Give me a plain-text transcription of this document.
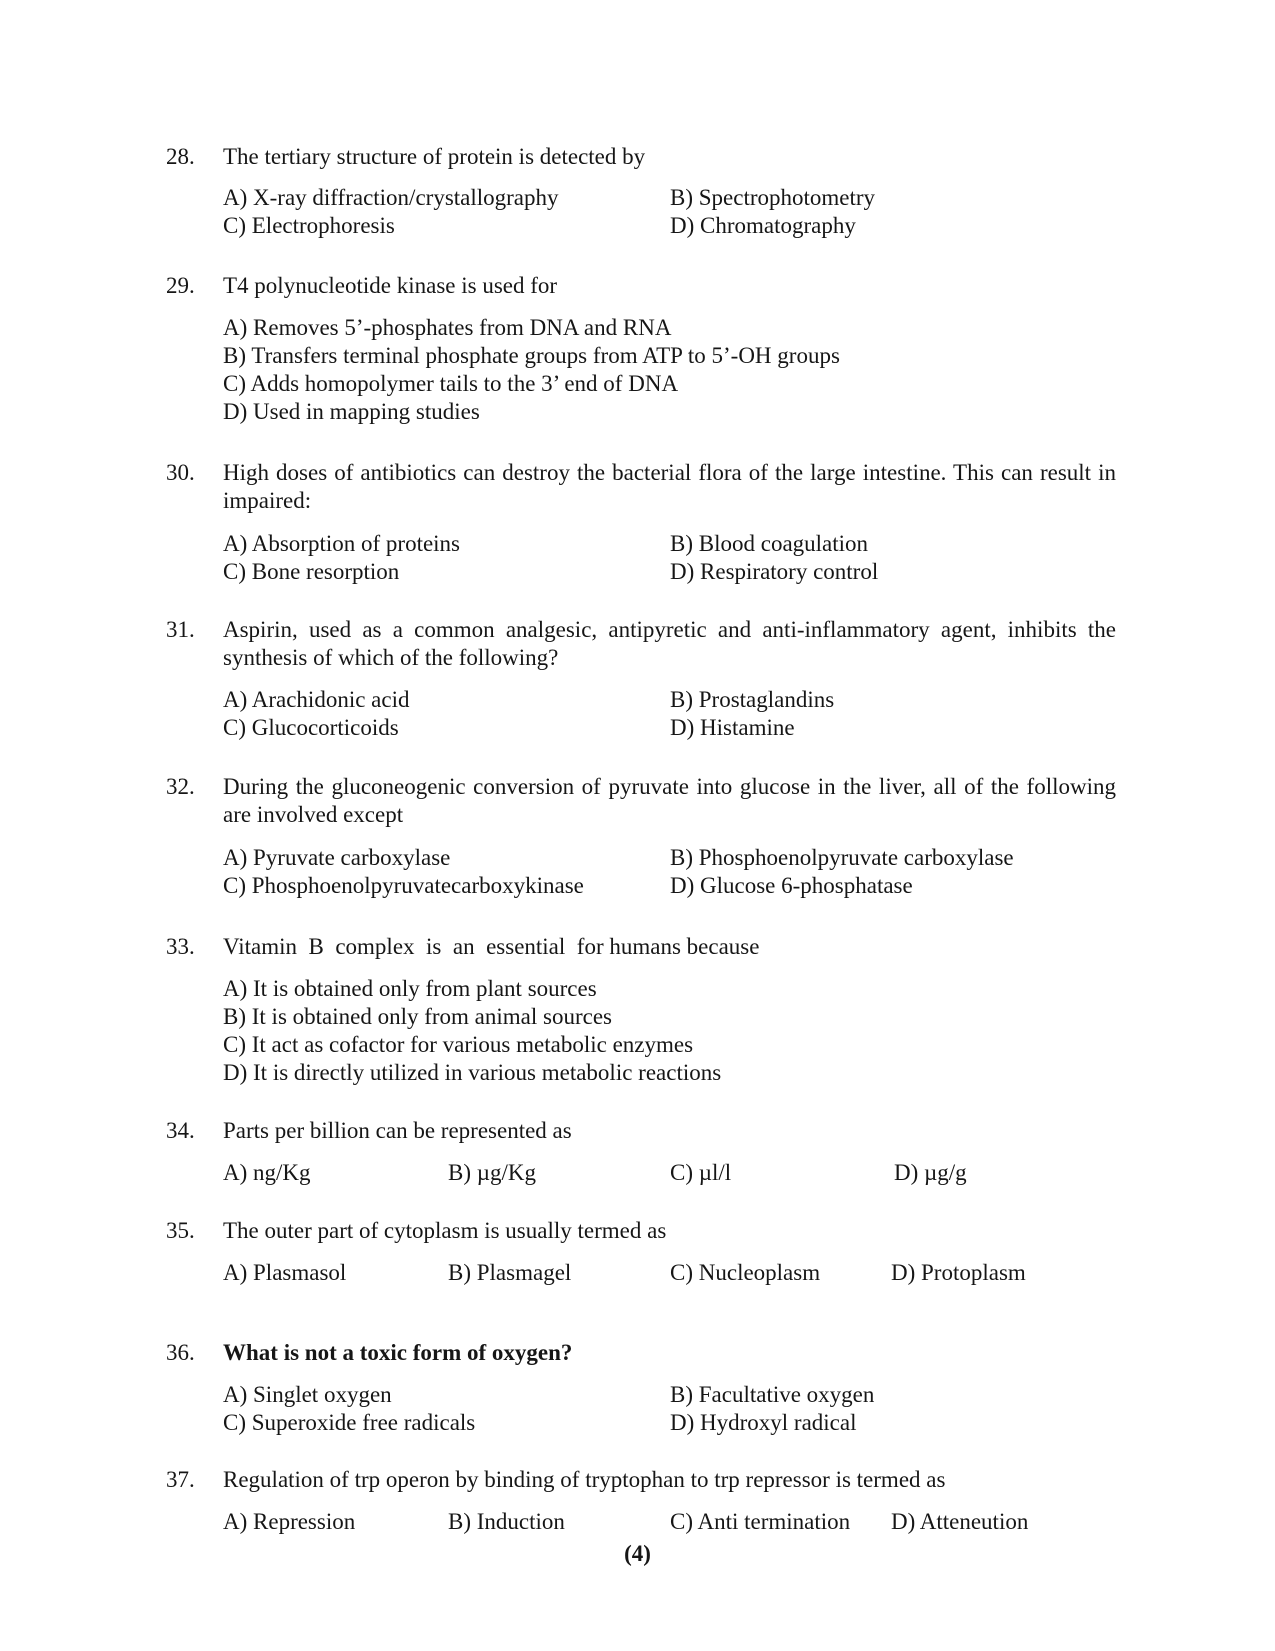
28. The tertiary structure of protein is detected by
A) X-ray diffraction/crystallography	B) Spectrophotometry
C) Electrophoresis	D) Chromatography
29. T4 polynucleotide kinase is used for
A) Removes 5’-phosphates from DNA and RNA
B) Transfers terminal phosphate groups from ATP to 5’-OH groups
C) Adds homopolymer tails to the 3’ end of DNA
D) Used in mapping studies
30. High doses of antibiotics can destroy the bacterial flora of the large intestine. This can result in impaired:
A) Absorption of proteins	B) Blood coagulation
C) Bone resorption	D) Respiratory control
31. Aspirin, used as a common analgesic, antipyretic and anti-inflammatory agent, inhibits the synthesis of which of the following?
A) Arachidonic acid	B) Prostaglandins
C) Glucocorticoids	D) Histamine
32. During the gluconeogenic conversion of pyruvate into glucose in the liver, all of the following are involved except
A) Pyruvate carboxylase	B) Phosphoenolpyruvate carboxylase
C) Phosphoenolpyruvatecarboxykinase	D) Glucose 6-phosphatase
33. Vitamin  B  complex  is  an  essential  for humans because
A) It is obtained only from plant sources
B) It is obtained only from animal sources
C) It act as cofactor for various metabolic enzymes
D) It is directly utilized in various metabolic reactions
34. Parts per billion can be represented as
A) ng/Kg	B) µg/Kg	C) µl/l	D) µg/g
35. The outer part of cytoplasm is usually termed as
A) Plasmasol	B) Plasmagel	C) Nucleoplasm	D) Protoplasm
36. What is not a toxic form of oxygen?
A) Singlet oxygen	B) Facultative oxygen
C) Superoxide free radicals	D) Hydroxyl radical
37. Regulation of trp operon by binding of tryptophan to trp repressor is termed as
A) Repression	B) Induction	C) Anti termination D) Atteneution
(4)
